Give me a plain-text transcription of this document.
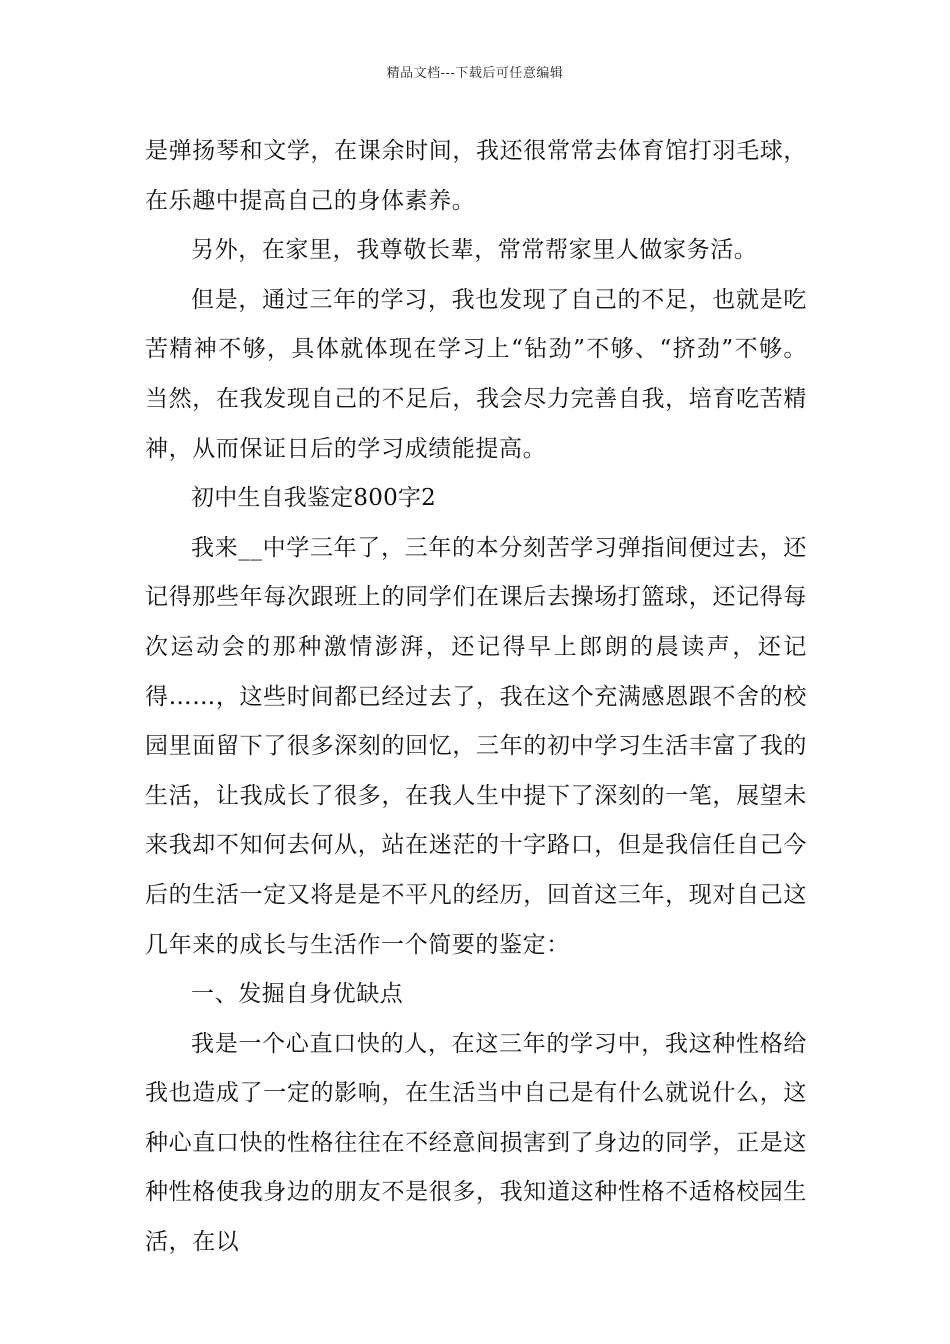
精品文档---下载后可任意编辑

是弹扬琴和文学，在课余时间，我还很常常去体育馆打羽毛球，在乐趣中提高自己的身体素养。

另外，在家里，我尊敬长辈，常常帮家里人做家务活。

但是，通过三年的学习，我也发现了自己的不足，也就是吃苦精神不够，具体就体现在学习上“钻劲”不够、“挤劲”不够。当然，在我发现自己的不足后，我会尽力完善自我，培育吃苦精神，从而保证日后的学习成绩能提高。

初中生自我鉴定800字2

我来__中学三年了，三年的本分刻苦学习弹指间便过去，还记得那些年每次跟班上的同学们在课后去操场打篮球，还记得每次运动会的那种激情澎湃，还记得早上郎朗的晨读声，还记得……，这些时间都已经过去了，我在这个充满感恩跟不舍的校园里面留下了很多深刻的回忆，三年的初中学习生活丰富了我的生活，让我成长了很多，在我人生中提下了深刻的一笔，展望未来我却不知何去何从，站在迷茫的十字路口，但是我信任自己今后的生活一定又将是是不平凡的经历，回首这三年，现对自己这几年来的成长与生活作一个简要的鉴定：

一、发掘自身优缺点

我是一个心直口快的人，在这三年的学习中，我这种性格给我也造成了一定的影响，在生活当中自己是有什么就说什么，这种心直口快的性格往往在不经意间损害到了身边的同学，正是这种性格使我身边的朋友不是很多，我知道这种性格不适格校园生活，在以
